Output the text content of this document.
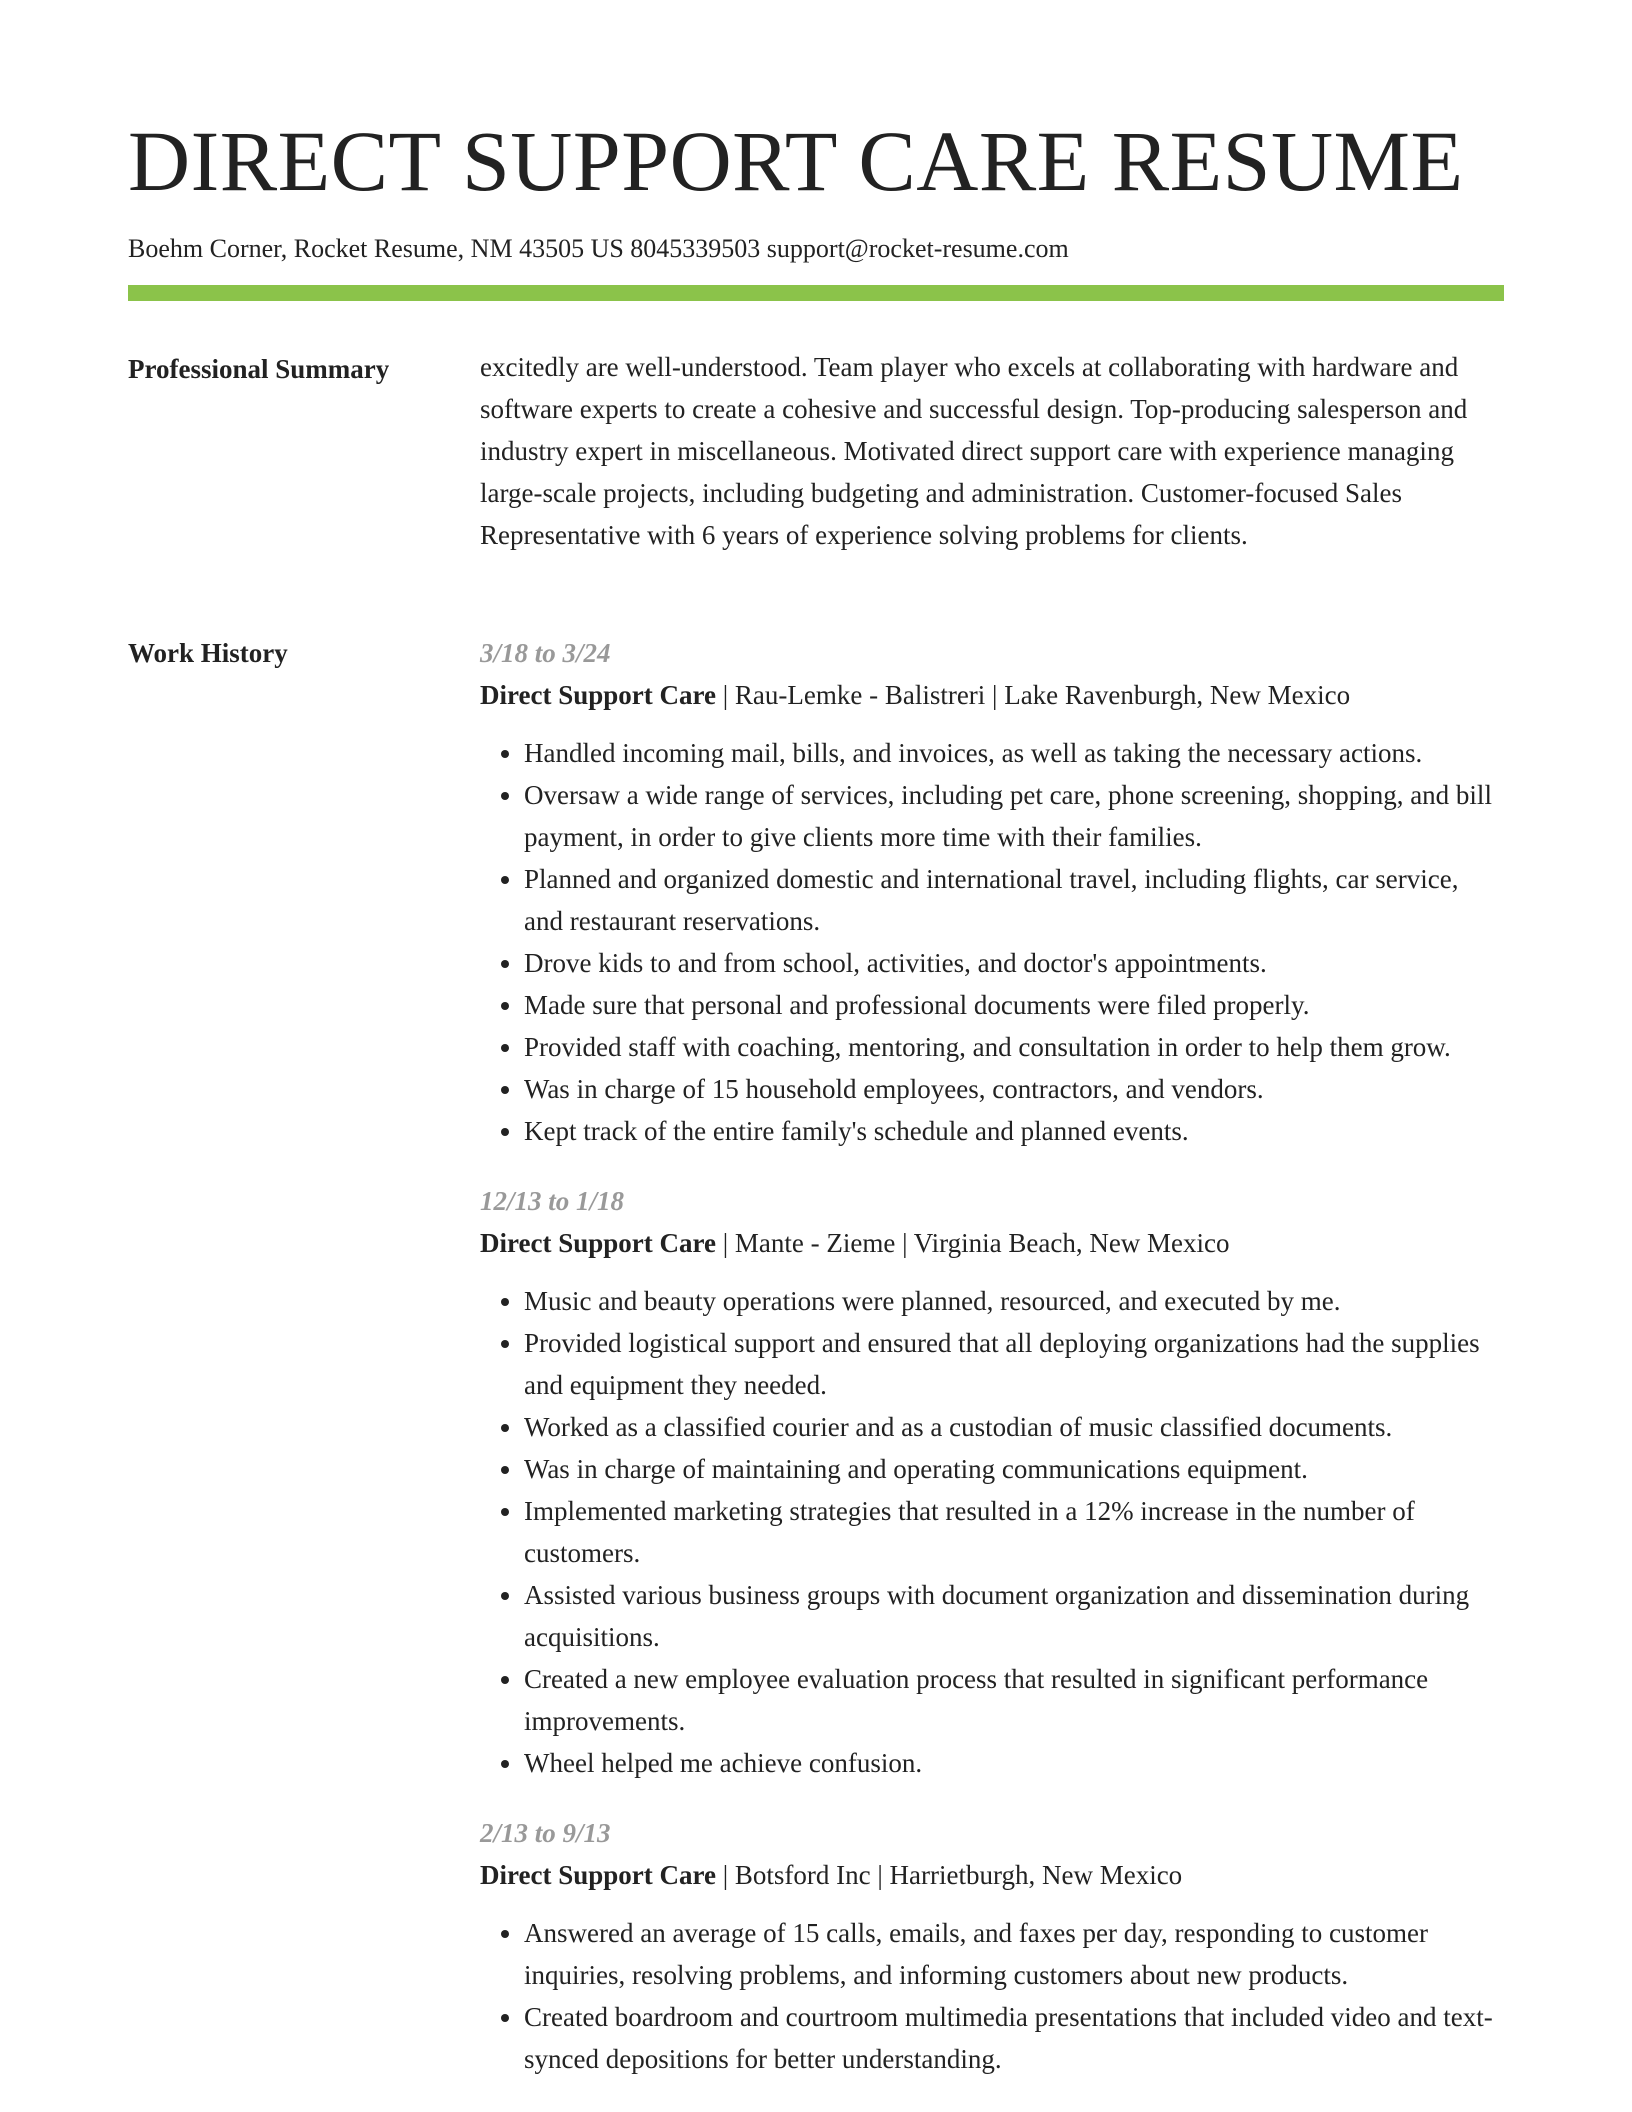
DIRECT SUPPORT CARE RESUME
Boehm Corner, Rocket Resume, NM 43505 US 8045339503 support@rocket-resume.com
Professional Summary	excitedly are well-understood. Team player who excels at collaborating with hardware and software experts to create a cohesive and successful design. Top-producing salesperson and industry expert in miscellaneous. Motivated direct support care with experience managing large-scale projects, including budgeting and administration. Customer-focused Sales Representative with 6 years of experience solving problems for clients.

Work History	3/18 to 3/24
Direct Support Care | Rau-Lemke - Balistreri | Lake Ravenburgh, New Mexico
• Handled incoming mail, bills, and invoices, as well as taking the necessary actions.
• Oversaw a wide range of services, including pet care, phone screening, shopping, and bill payment, in order to give clients more time with their families.
• Planned and organized domestic and international travel, including flights, car service, and restaurant reservations.
• Drove kids to and from school, activities, and doctor's appointments.
• Made sure that personal and professional documents were filed properly.
• Provided staff with coaching, mentoring, and consultation in order to help them grow.
• Was in charge of 15 household employees, contractors, and vendors.
• Kept track of the entire family's schedule and planned events.
12/13 to 1/18
Direct Support Care | Mante - Zieme | Virginia Beach, New Mexico
• Music and beauty operations were planned, resourced, and executed by me.
• Provided logistical support and ensured that all deploying organizations had the supplies and equipment they needed.
• Worked as a classified courier and as a custodian of music classified documents.
• Was in charge of maintaining and operating communications equipment.
• Implemented marketing strategies that resulted in a 12% increase in the number of customers.
• Assisted various business groups with document organization and dissemination during acquisitions.
• Created a new employee evaluation process that resulted in significant performance improvements.
• Wheel helped me achieve confusion.
2/13 to 9/13
Direct Support Care | Botsford Inc | Harrietburgh, New Mexico
• Answered an average of 15 calls, emails, and faxes per day, responding to customer inquiries, resolving problems, and informing customers about new products.
• Created boardroom and courtroom multimedia presentations that included video and text-synced depositions for better understanding.
